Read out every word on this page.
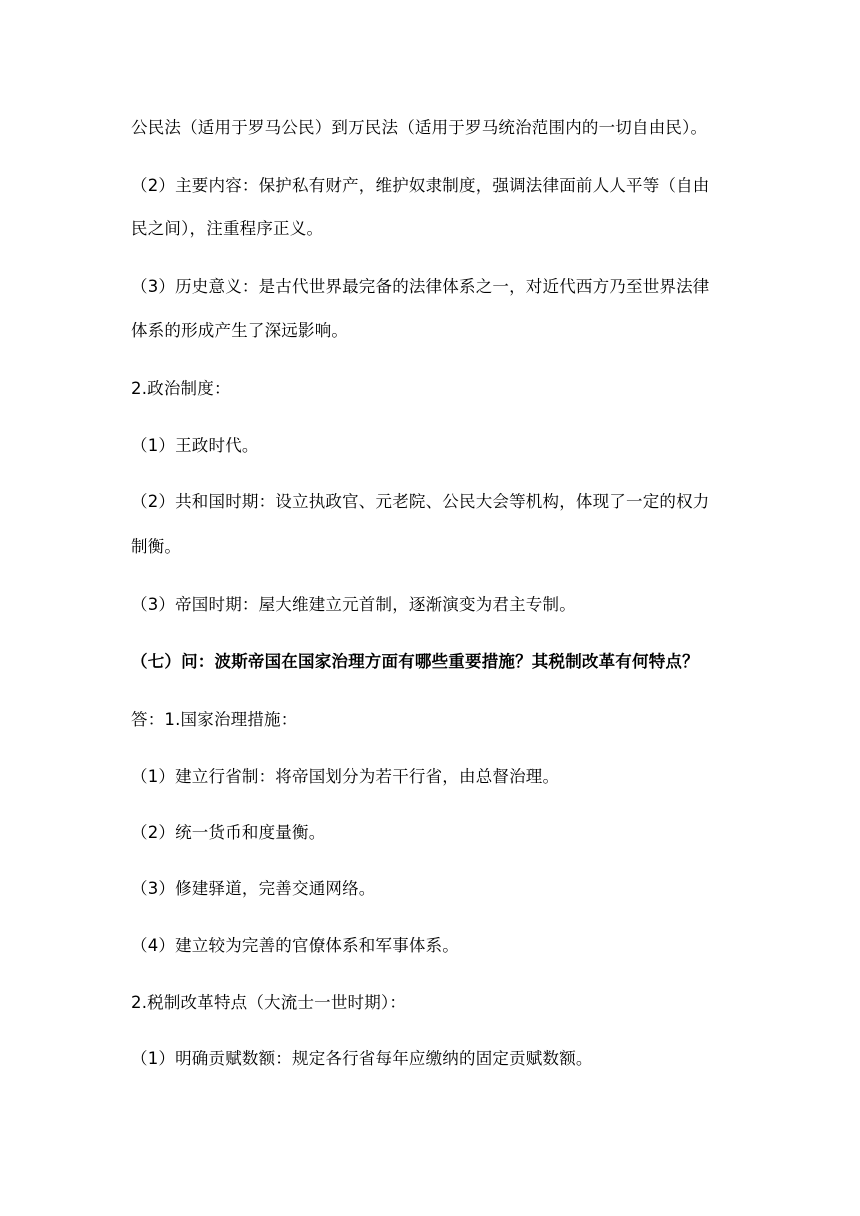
公民法（适用于罗马公民）到万民法（适用于罗马统治范围内的一切自由民）。
（2）主要内容：保护私有财产，维护奴隶制度，强调法律面前人人平等（自由
民之间），注重程序正义。
（3）历史意义：是古代世界最完备的法律体系之一，对近代西方乃至世界法律
体系的形成产生了深远影响。
2.政治制度：
（1）王政时代。
（2）共和国时期：设立执政官、元老院、公民大会等机构，体现了一定的权力
制衡。
（3）帝国时期：屋大维建立元首制，逐渐演变为君主专制。
（七）问：波斯帝国在国家治理方面有哪些重要措施？其税制改革有何特点？
答：1.国家治理措施：
（1）建立行省制：将帝国划分为若干行省，由总督治理。
（2）统一货币和度量衡。
（3）修建驿道，完善交通网络。
（4）建立较为完善的官僚体系和军事体系。
2.税制改革特点（大流士一世时期）：
（1）明确贡赋数额：规定各行省每年应缴纳的固定贡赋数额。
